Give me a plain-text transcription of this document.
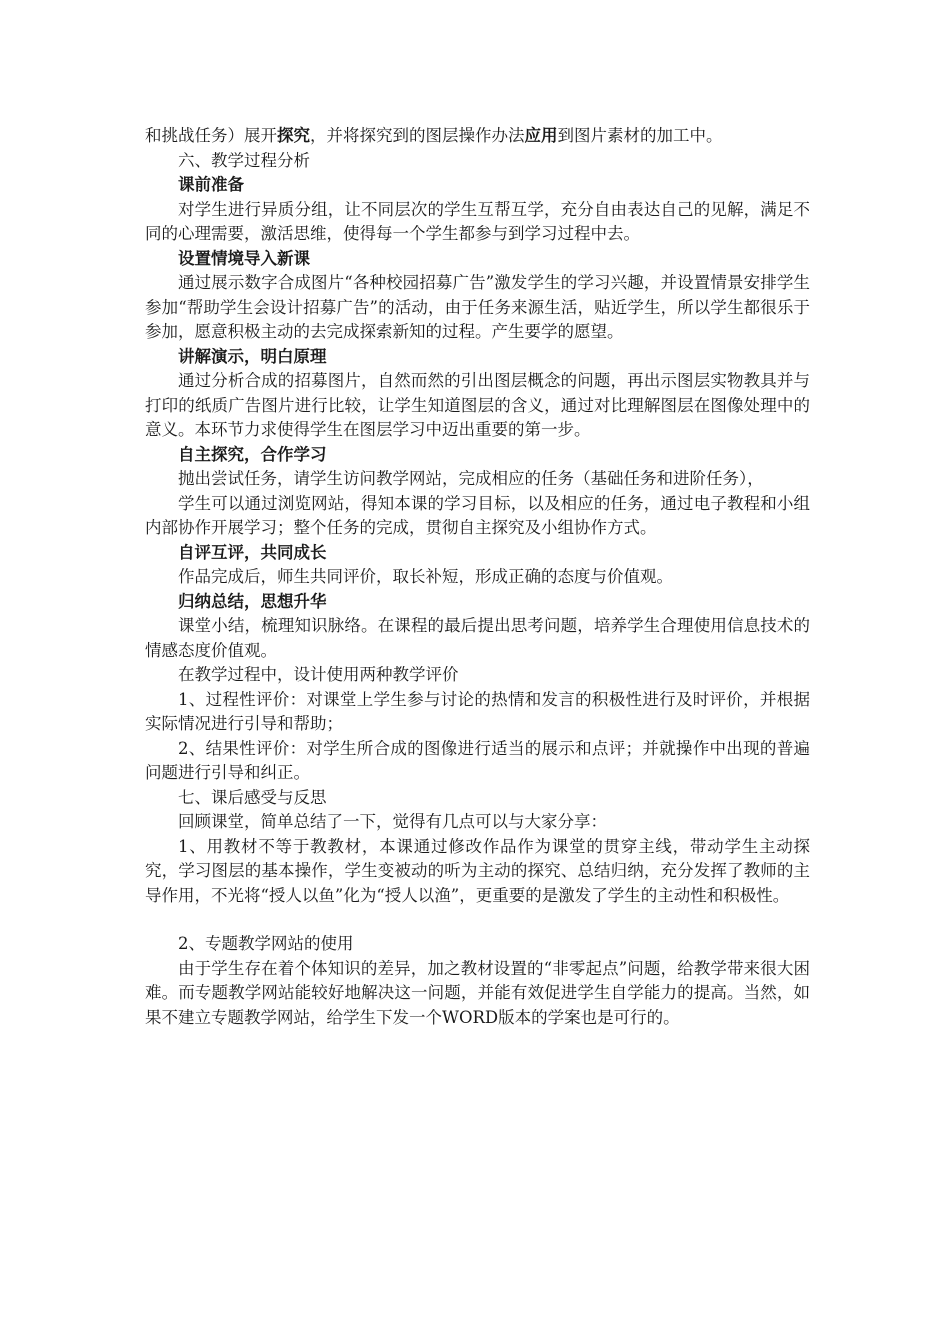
和挑战任务）展开探究，并将探究到的图层操作办法应用到图片素材的加工中。

六、教学过程分析

课前准备

对学生进行异质分组，让不同层次的学生互帮互学，充分自由表达自己的见解，满足不同的心理需要，激活思维，使得每一个学生都参与到学习过程中去。

设置情境导入新课

通过展示数字合成图片“各种校园招募广告”激发学生的学习兴趣，并设置情景安排学生参加“帮助学生会设计招募广告”的活动，由于任务来源生活，贴近学生，所以学生都很乐于参加，愿意积极主动的去完成探索新知的过程。产生要学的愿望。

讲解演示，明白原理

通过分析合成的招募图片，自然而然的引出图层概念的问题，再出示图层实物教具并与打印的纸质广告图片进行比较，让学生知道图层的含义，通过对比理解图层在图像处理中的意义。本环节力求使得学生在图层学习中迈出重要的第一步。

自主探究，合作学习

抛出尝试任务，请学生访问教学网站，完成相应的任务（基础任务和进阶任务），

学生可以通过浏览网站，得知本课的学习目标，以及相应的任务，通过电子教程和小组内部协作开展学习；整个任务的完成，贯彻自主探究及小组协作方式。

自评互评，共同成长

作品完成后，师生共同评价，取长补短，形成正确的态度与价值观。

归纳总结，思想升华

课堂小结，梳理知识脉络。在课程的最后提出思考问题，培养学生合理使用信息技术的情感态度价值观。

在教学过程中，设计使用两种教学评价

1、过程性评价：对课堂上学生参与讨论的热情和发言的积极性进行及时评价，并根据实际情况进行引导和帮助；

2、结果性评价：对学生所合成的图像进行适当的展示和点评；并就操作中出现的普遍问题进行引导和纠正。

七、课后感受与反思

回顾课堂，简单总结了一下，觉得有几点可以与大家分享：

1、用教材不等于教教材，本课通过修改作品作为课堂的贯穿主线，带动学生主动探究，学习图层的基本操作，学生变被动的听为主动的探究、总结归纳，充分发挥了教师的主导作用，不光将“授人以鱼”化为“授人以渔”，更重要的是激发了学生的主动性和积极性。

2、专题教学网站的使用

由于学生存在着个体知识的差异，加之教材设置的“非零起点”问题，给教学带来很大困难。而专题教学网站能较好地解决这一问题，并能有效促进学生自学能力的提高。当然，如果不建立专题教学网站，给学生下发一个WORD版本的学案也是可行的。
